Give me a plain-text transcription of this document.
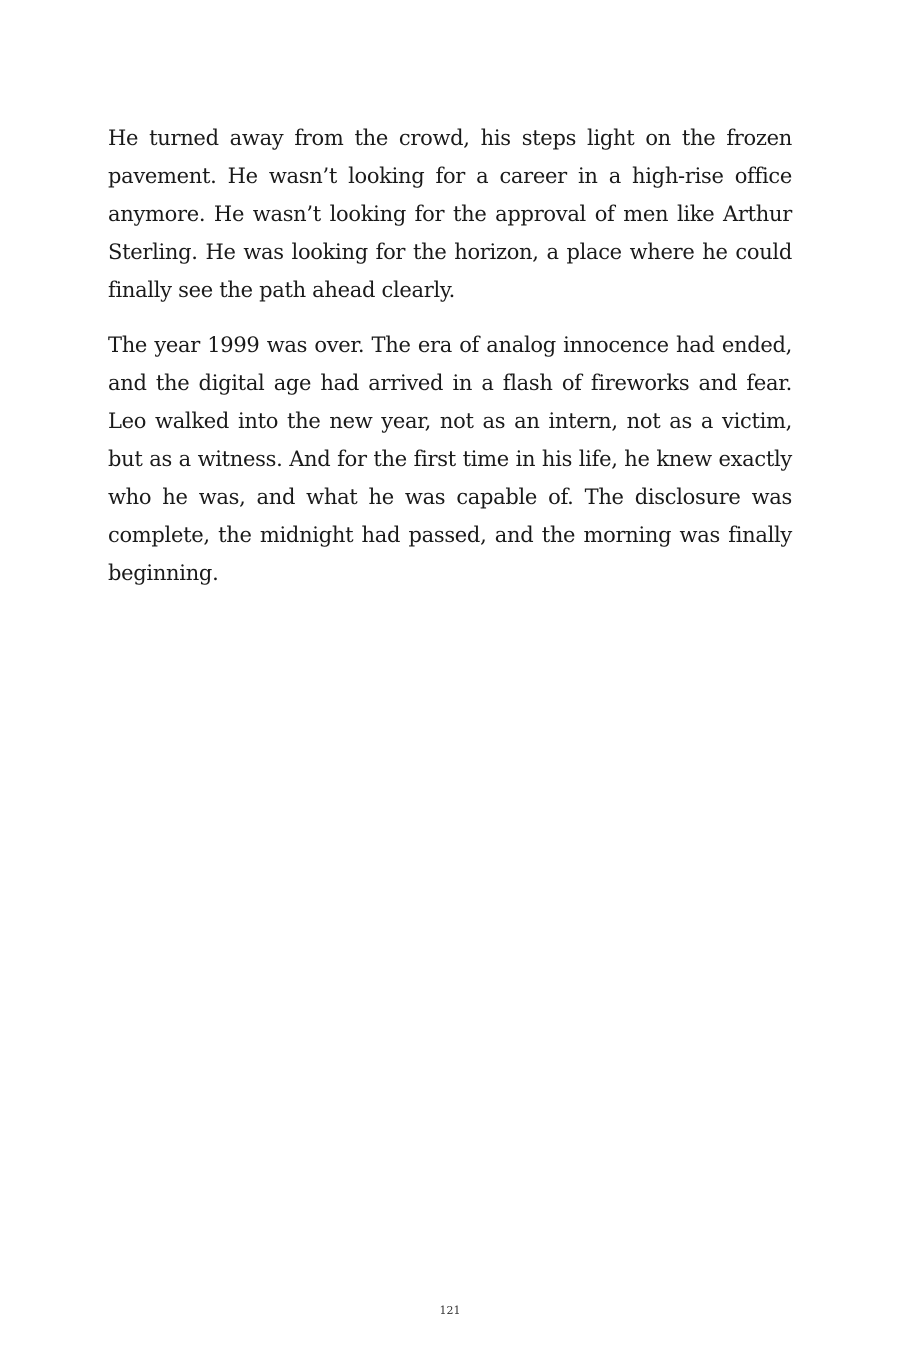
He turned away from the crowd, his steps light on the frozen pavement. He wasn’t looking for a career in a high-rise office anymore. He wasn’t looking for the approval of men like Arthur Sterling. He was looking for the horizon, a place where he could finally see the path ahead clearly.

The year 1999 was over. The era of analog innocence had ended, and the digital age had arrived in a flash of fireworks and fear. Leo walked into the new year, not as an intern, not as a victim, but as a witness. And for the first time in his life, he knew exactly who he was, and what he was capable of. The disclosure was complete, the midnight had passed, and the morning was finally beginning.

121
